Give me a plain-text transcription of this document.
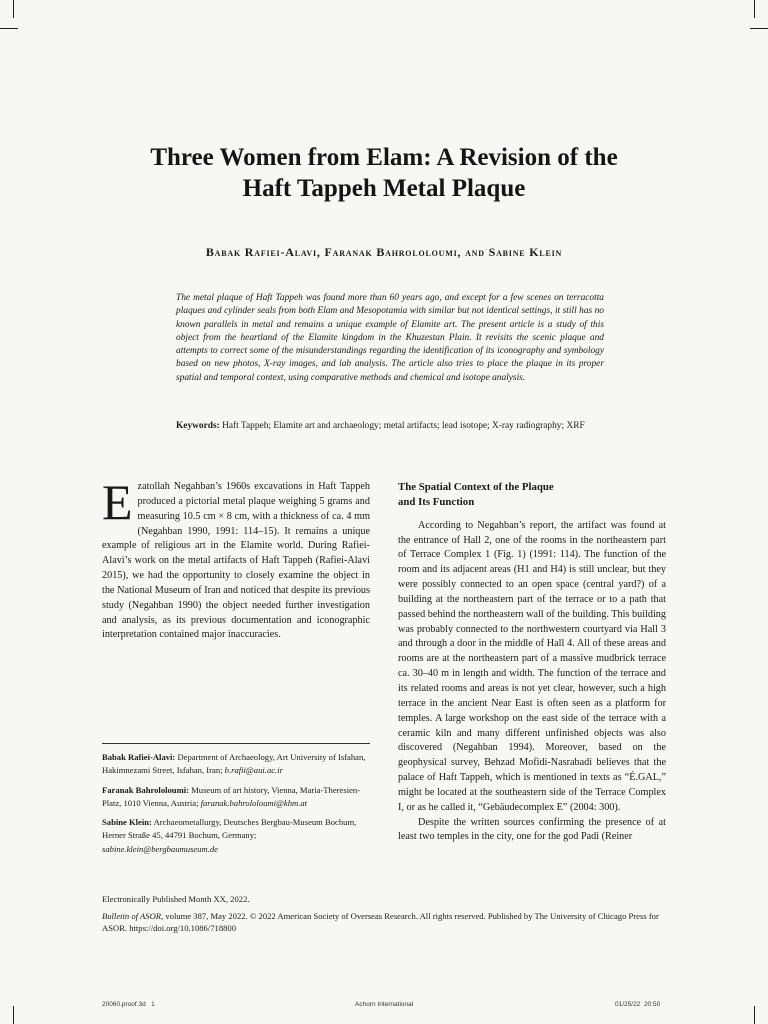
Three Women from Elam: A Revision of the
Haft Tappeh Metal Plaque

Babak Rafiei-Alavi, Faranak Bahrololoumi, and Sabine Klein

The metal plaque of Haft Tappeh was found more than 60 years ago, and except for a few scenes on terracotta plaques and cylinder seals from both Elam and Mesopotamia with similar but not identical settings, it still has no known parallels in metal and remains a unique example of Elamite art. The present article is a study of this object from the heartland of the Elamite kingdom in the Khuzestan Plain. It revisits the scenic plaque and attempts to correct some of the misunderstandings regarding the identification of its iconography and symbology based on new photos, X-ray images, and lab analysis. The article also tries to place the plaque in its proper spatial and temporal context, using comparative methods and chemical and isotope analysis.

Keywords: Haft Tappeh; Elamite art and archaeology; metal artifacts; lead isotope; X-ray radiography; XRF

Ezatollah Negahban’s 1960s excavations in Haft Tappeh produced a pictorial metal plaque weighing 5 grams and measuring 10.5 cm × 8 cm, with a thickness of ca. 4 mm (Negahban 1990, 1991: 114–15). It remains a unique example of religious art in the Elamite world. During Rafiei-Alavi’s work on the metal artifacts of Haft Tappeh (Rafiei-Alavi 2015), we had the opportunity to closely examine the object in the National Museum of Iran and noticed that despite its previous study (Negahban 1990) the object needed further investigation and analysis, as its previous documentation and iconographic interpretation contained major inaccuracies.

Babak Rafiei-Alavi: Department of Archaeology, Art University of Isfahan, Hakimnezami Street, Isfahan, Iran; b.rafii@aui.ac.ir

Faranak Bahrololoumi: Museum of art history, Vienna, Maria-Theresien-Platz, 1010 Vienna, Austria; faranak.bahrololoumi@khm.at

Sabine Klein: Archaeometallurgy, Deutsches Bergbau-Museum Bochum, Herner Straße 45, 44791 Bochum, Germany; sabine.klein@bergbaumuseum.de

The Spatial Context of the Plaque
and Its Function

According to Negahban’s report, the artifact was found at the entrance of Hall 2, one of the rooms in the northeastern part of Terrace Complex 1 (Fig. 1) (1991: 114). The function of the room and its adjacent areas (H1 and H4) is still unclear, but they were possibly connected to an open space (central yard?) of a building at the northeastern part of the terrace or to a path that passed behind the northeastern wall of the building. This building was probably connected to the northwestern courtyard via Hall 3 and through a door in the middle of Hall 4. All of these areas and rooms are at the northeastern part of a massive mudbrick terrace ca. 30–40 m in length and width. The function of the terrace and its related rooms and areas is not yet clear, however, such a high terrace in the ancient Near East is often seen as a platform for temples. A large workshop on the east side of the terrace with a ceramic kiln and many different unfinished objects was also discovered (Negahban 1994). Moreover, based on the geophysical survey, Behzad Mofidi-Nasrabadi believes that the palace of Haft Tappeh, which is mentioned in texts as “É.GAL,” might be located at the southeastern side of the Terrace Complex I, or as he called it, “Gebäudecomplex E” (2004: 300).

Despite the written sources confirming the presence of at least two temples in the city, one for the god Padi (Reiner

Electronically Published Month XX, 2022.

Bulletin of ASOR, volume 387, May 2022. © 2022 American Society of Overseas Research. All rights reserved. Published by The University of Chicago Press for ASOR. https://doi.org/10.1086/718800

20060.proof.3d 1	Achorn International	01/25/22 20:50
